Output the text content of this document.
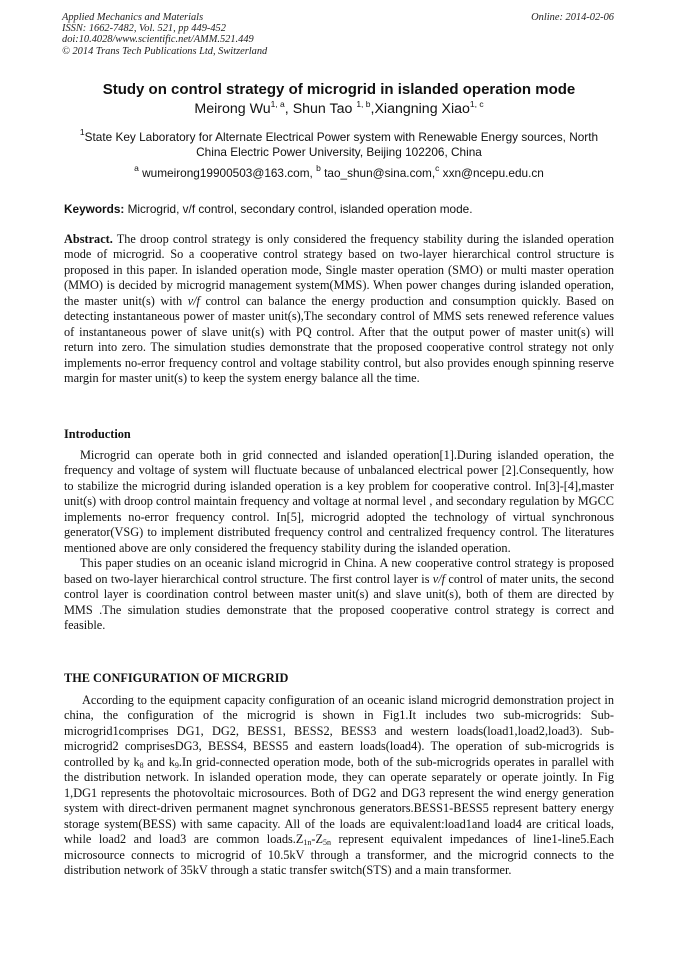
Applied Mechanics and Materials
ISSN: 1662-7482, Vol. 521, pp 449-452
doi:10.4028/www.scientific.net/AMM.521.449
© 2014 Trans Tech Publications Ltd, Switzerland
Online: 2014-02-06
Study on control strategy of microgrid in islanded operation mode
Meirong Wu$^{1, a}$, Shun Tao $^{1, b}$,Xiangning Xiao$^{1, c}$
$^1$State Key Laboratory for Alternate Electrical Power system with Renewable Energy sources, North
China Electric Power University, Beijing 102206, China
$^a$ wumeirong19900503@163.com, $^b$ tao_shun@sina.com,$^c$ xxn@ncepu.edu.cn
Keywords: Microgrid, v/f control, secondary control, islanded operation mode.
Abstract. The droop control strategy is only considered the frequency stability during the islanded operation mode of microgrid. So a cooperative control strategy based on two-layer hierarchical control structure is proposed in this paper. In islanded operation mode, Single master operation (SMO) or multi master operation (MMO) is decided by microgrid management system(MMS). When power changes during islanded operation, the master unit(s) with v/f control can balance the energy production and consumption quickly. Based on detecting instantaneous power of master unit(s),The secondary control of MMS sets renewed reference values of instantaneous power of slave unit(s) with PQ control. After that the output power of master unit(s) will return into zero. The simulation studies demonstrate that the proposed cooperative control strategy not only implements no-error frequency control and voltage stability control, but also provides enough spinning reserve margin for master unit(s) to keep the system energy balance all the time.
Introduction

Microgrid can operate both in grid connected and islanded operation[1].During islanded operation, the frequency and voltage of system will fluctuate because of unbalanced electrical power [2].Consequently, how to stabilize the microgrid during islanded operation is a key problem for cooperative control. In[3]-[4],master unit(s) with droop control maintain frequency and voltage at normal level , and secondary regulation by MGCC implements no-error frequency control. In[5], microgrid adopted the technology of virtual synchronous generator(VSG) to implement distributed frequency control and centralized frequency control. The literatures mentioned above are only considered the frequency stability during the islanded operation.

This paper studies on an oceanic island microgrid in China. A new cooperative control strategy is proposed based on two-layer hierarchical control structure. The first control layer is v/f control of mater units, the second control layer is coordination control between master unit(s) and slave unit(s), both of them are directed by MMS .The simulation studies demonstrate that the proposed cooperative control strategy is correct and feasible.

THE CONFIGURATION OF MICRGRID

According to the equipment capacity configuration of an oceanic island microgrid demonstration project in china, the configuration of the microgrid is shown in Fig1.It includes two sub-microgrids: Sub-microgrid1comprises DG1, DG2, BESS1, BESS2, BESS3 and western loads(load1,load2,load3). Sub-microgrid2 comprisesDG3, BESS4, BESS5 and eastern loads(load4). The operation of sub-microgrids is controlled by $k_8$ and $k_9.In$ grid-connected operation mode, both of the sub-microgrids operates in parallel with the distribution network. In islanded operation mode, they can operate separately or operate jointly. In Fig 1,DG1 represents the photovoltaic microsources. Both of DG2 and DG3 represent the wind energy generation system with direct-driven permanent magnet synchronous generators.BESS1-BESS5 represent battery energy storage system(BESS) with same capacity. All of the loads are equivalent:load1and load4 are critical loads, while load2 and load3 are common $loads.Z_{1n}-Z_{5n}$ represent equivalent impedances of line1-line5.Each microsource connects to microgrid of 10.5kV through a transformer, and the microgrid connects to the distribution network of 35kV through a static transfer switch(STS) and a main transformer.
